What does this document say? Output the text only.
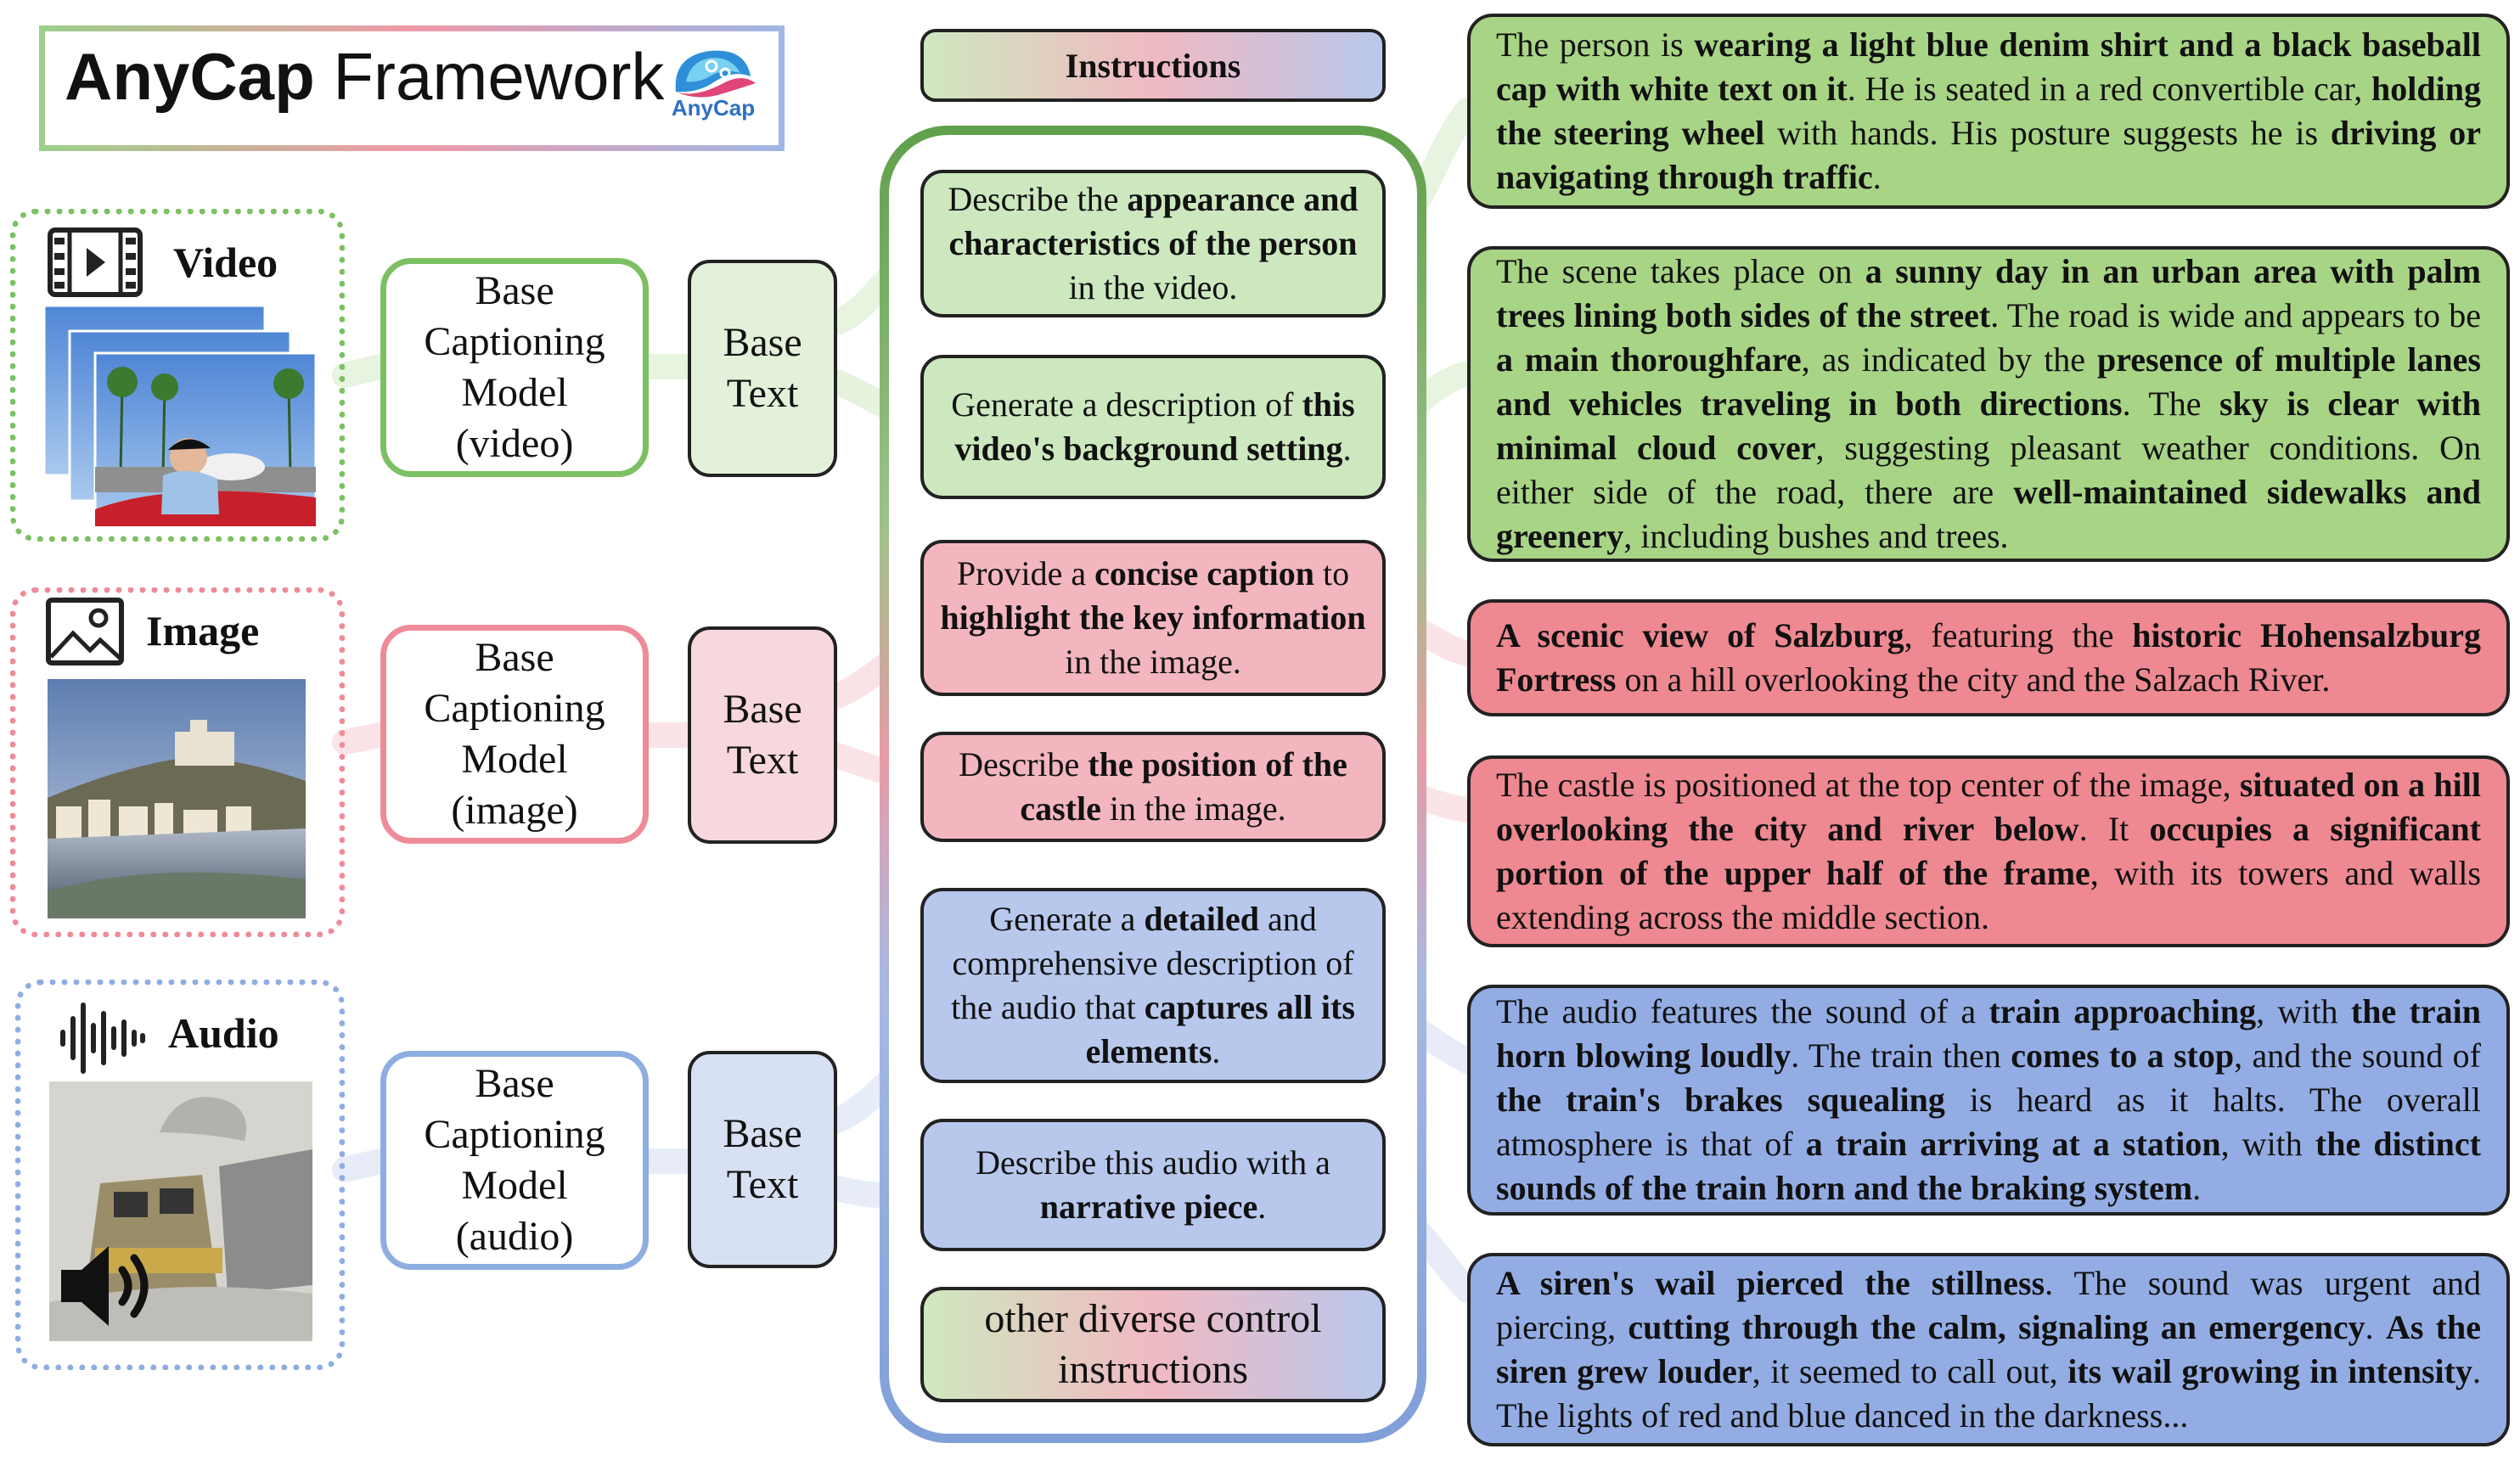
AnyCap Framework AnyCap
Video
Image
Audio
Base
Captioning
Model
(video)
Base
Captioning
Model
(image)
Base
Captioning
Model
(audio)
Base
Text
Base
Text
Base
Text
Instructions
Describe the appearance and characteristics of the person in the video.
Generate a description of this video's background setting.
Provide a concise caption to highlight the key information in the image.
Describe the position of the castle in the image.
Generate a detailed and comprehensive description of the audio that captures all its elements.
Describe this audio with a narrative piece.
other diverse control instructions
The person is wearing a light blue denim shirt and a black baseball cap with white text on it. He is seated in a red convertible car, holding the steering wheel with hands. His posture suggests he is driving or navigating through traffic.
The scene takes place on a sunny day in an urban area with palm trees lining both sides of the street. The road is wide and appears to be a main thoroughfare, as indicated by the presence of multiple lanes and vehicles traveling in both directions. The sky is clear with minimal cloud cover, suggesting pleasant weather conditions. On either side of the road, there are well-maintained sidewalks and greenery, including bushes and trees.
A scenic view of Salzburg, featuring the historic Hohensalzburg Fortress on a hill overlooking the city and the Salzach River.
The castle is positioned at the top center of the image, situated on a hill overlooking the city and river below. It occupies a significant portion of the upper half of the frame, with its towers and walls extending across the middle section.
The audio features the sound of a train approaching, with the train horn blowing loudly. The train then comes to a stop, and the sound of the train's brakes squealing is heard as it halts. The overall atmosphere is that of a train arriving at a station, with the distinct sounds of the train horn and the braking system.
A siren's wail pierced the stillness. The sound was urgent and piercing, cutting through the calm, signaling an emergency. As the siren grew louder, it seemed to call out, its wail growing in intensity. The lights of red and blue danced in the darkness...
